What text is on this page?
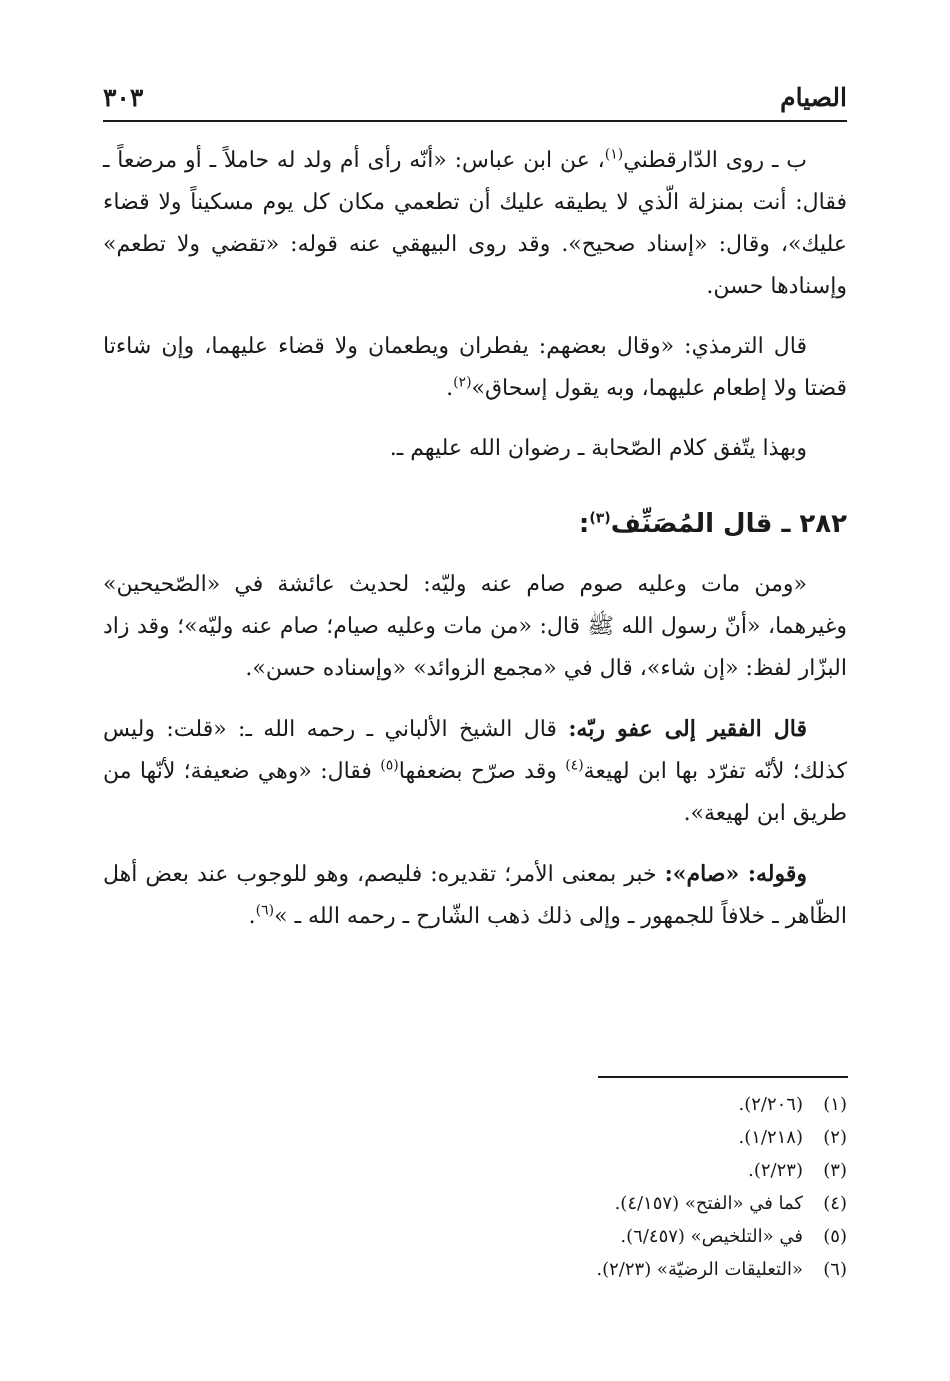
الصيام
٣٠٣

ب ـ روى الدّارقطني$^{(١)}$، عن ابن عباس: «أنّه رأى أم ولد له حاملاً ـ أو مرضعاً ـ فقال: أنت بمنزلة الّذي لا يطيقه عليك أن تطعمي مكان كل يوم مسكيناً ولا قضاء عليك»، وقال: «إسناد صحيح». وقد روى البيهقي عنه قوله: «تقضي ولا تطعم» وإسنادها حسن.

قال الترمذي: «وقال بعضهم: يفطران ويطعمان ولا قضاء عليهما، وإن شاءتا قضتا ولا إطعام عليهما، وبه يقول إسحاق»$^{(٢)}$.

وبهذا يتّفق كلام الصّحابة ـ رضوان الله عليهم ـ.

٢٨٢ ـ قال المُصَنِّف$^{(٣)}$:

«ومن مات وعليه صوم صام عنه وليّه: لحديث عائشة في «الصّحيحين» وغيرهما، «أنّ رسول الله ﷺ قال: «من مات وعليه صيام؛ صام عنه وليّه»؛ وقد زاد البزّار لفظ: «إن شاء»، قال في «مجمع الزوائد» «وإسناده حسن».

قال الفقير إلى عفو ربّه: قال الشيخ الألباني ـ رحمه الله ـ: «قلت: وليس كذلك؛ لأنّه تفرّد بها ابن لهيعة$^{(٤)}$ وقد صرّح بضعفها$^{(٥)}$ فقال: «وهي ضعيفة؛ لأنّها من طريق ابن لهيعة».

وقوله: «صام»: خبر بمعنى الأمر؛ تقديره: فليصم، وهو للوجوب عند بعض أهل الظّاهر ـ خلافاً للجمهور ـ وإلى ذلك ذهب الشّارح ـ رحمه الله ـ »$^{(٦)}$.

(١)
(٢/٢٠٦).
(٢)
(١/٢١٨).
(٣)
(٢/٢٣).
(٤)
كما في «الفتح» (٤/١٥٧).
(٥)
في «التلخيص» (٦/٤٥٧).
(٦)
«التعليقات الرضيّة» (٢/٢٣).
